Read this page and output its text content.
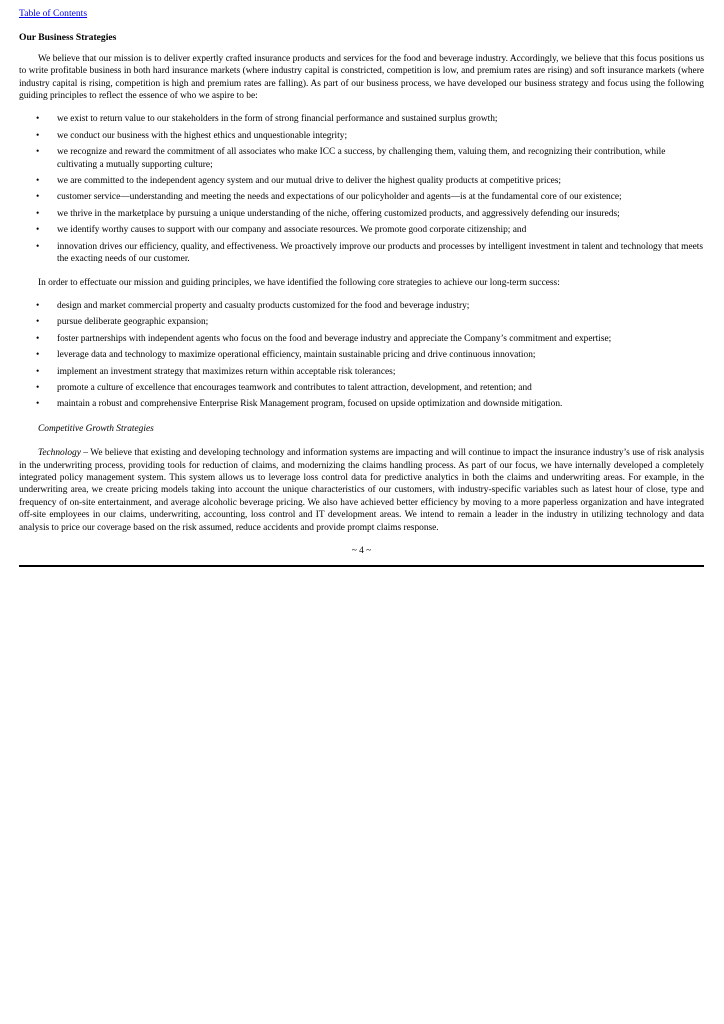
Table of Contents
Our Business Strategies

We believe that our mission is to deliver expertly crafted insurance products and services for the food and beverage industry. Accordingly, we believe that this focus positions us to write profitable business in both hard insurance markets (where industry capital is constricted, competition is low, and premium rates are rising) and soft insurance markets (where industry capital is rising, competition is high and premium rates are falling). As part of our business process, we have developed our business strategy and focus using the following guiding principles to reflect the essence of who we aspire to be:

• we exist to return value to our stakeholders in the form of strong financial performance and sustained surplus growth;
• we conduct our business with the highest ethics and unquestionable integrity;
• we recognize and reward the commitment of all associates who make ICC a success, by challenging them, valuing them, and recognizing their contribution, while cultivating a mutually supporting culture;
• we are committed to the independent agency system and our mutual drive to deliver the highest quality products at competitive prices;
• customer service—understanding and meeting the needs and expectations of our policyholder and agents—is at the fundamental core of our existence;
• we thrive in the marketplace by pursuing a unique understanding of the niche, offering customized products, and aggressively defending our insureds;
• we identify worthy causes to support with our company and associate resources. We promote good corporate citizenship; and
• innovation drives our efficiency, quality, and effectiveness. We proactively improve our products and processes by intelligent investment in talent and technology that meets the exacting needs of our customer.

In order to effectuate our mission and guiding principles, we have identified the following core strategies to achieve our long-term success:

• design and market commercial property and casualty products customized for the food and beverage industry;
• pursue deliberate geographic expansion;
• foster partnerships with independent agents who focus on the food and beverage industry and appreciate the Company’s commitment and expertise;
• leverage data and technology to maximize operational efficiency, maintain sustainable pricing and drive continuous innovation;
• implement an investment strategy that maximizes return within acceptable risk tolerances;
• promote a culture of excellence that encourages teamwork and contributes to talent attraction, development, and retention; and
• maintain a robust and comprehensive Enterprise Risk Management program, focused on upside optimization and downside mitigation.
Competitive Growth Strategies

Technology – We believe that existing and developing technology and information systems are impacting and will continue to impact the insurance industry’s use of risk analysis in the underwriting process, providing tools for reduction of claims, and modernizing the claims handling process. As part of our focus, we have internally developed a completely integrated policy management system. This system allows us to leverage loss control data for predictive analytics in both the claims and underwriting areas. For example, in the underwriting area, we create pricing models taking into account the unique characteristics of our customers, with industry-specific variables such as latest hour of close, type and frequency of on-site entertainment, and average alcoholic beverage pricing. We also have achieved better efficiency by moving to a more paperless organization and have integrated off-site employees in our claims, underwriting, accounting, loss control and IT development areas. We intend to remain a leader in the industry in utilizing technology and data analysis to price our coverage based on the risk assumed, reduce accidents and provide prompt claims response.

~ 4 ~
